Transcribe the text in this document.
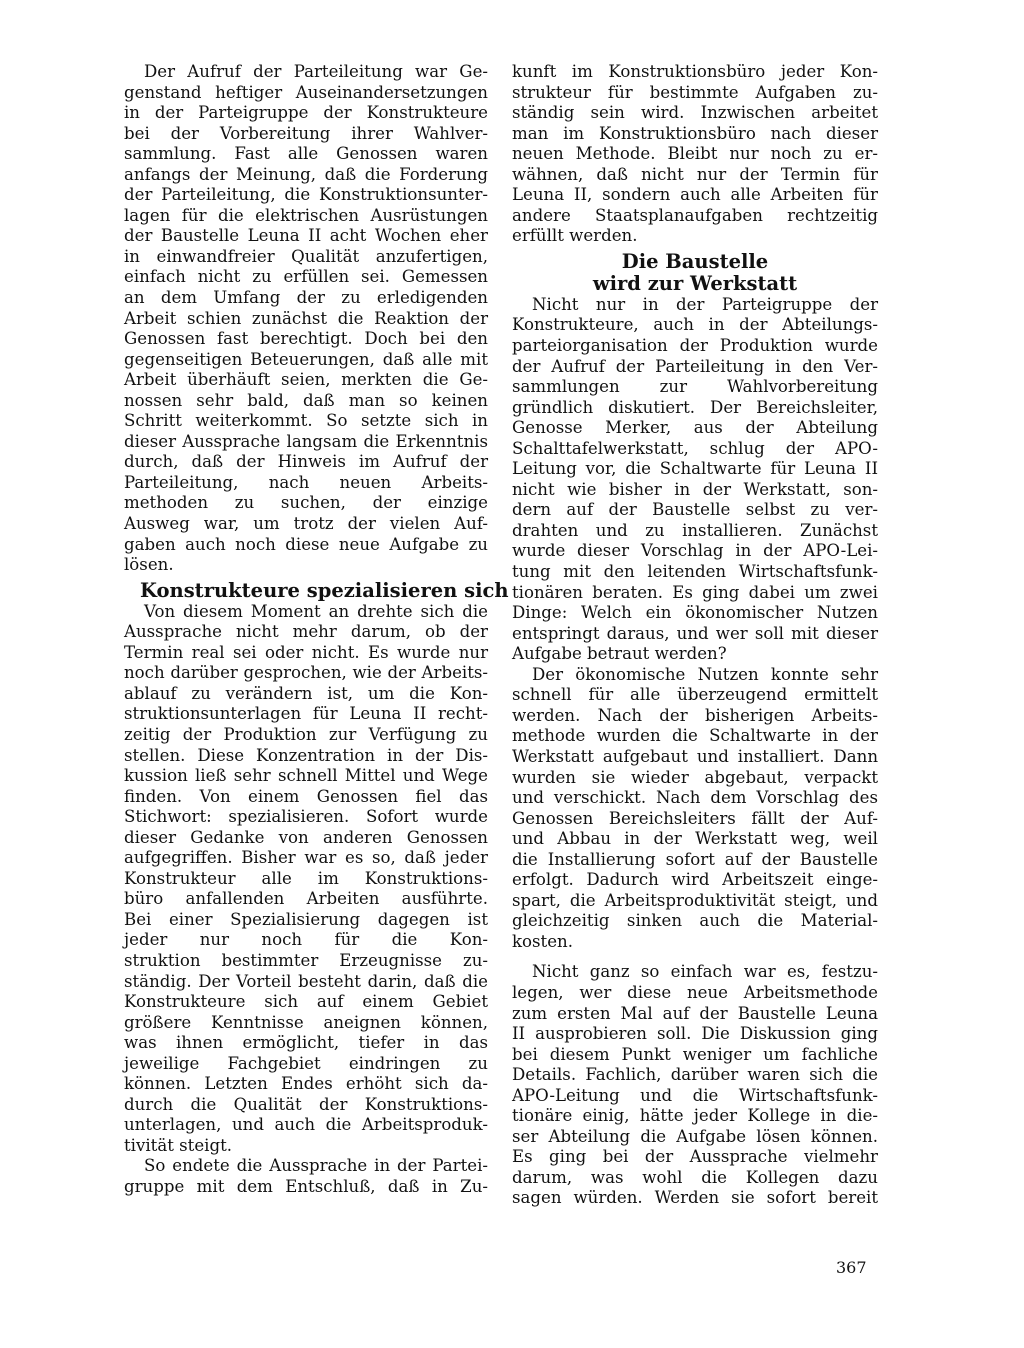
Der Aufruf der Parteileitung war Ge-
genstand heftiger Auseinandersetzungen
in der Parteigruppe der Konstrukteure
bei der Vorbereitung ihrer Wahlver-
sammlung. Fast alle Genossen waren
anfangs der Meinung, daß die Forderung
der Parteileitung, die Konstruktionsunter-
lagen für die elektrischen Ausrüstungen
der Baustelle Leuna II acht Wochen eher
in einwandfreier Qualität anzufertigen,
einfach nicht zu erfüllen sei. Gemessen
an dem Umfang der zu erledigenden
Arbeit schien zunächst die Reaktion der
Genossen fast berechtigt. Doch bei den
gegenseitigen Beteuerungen, daß alle mit
Arbeit überhäuft seien, merkten die Ge-
nossen sehr bald, daß man so keinen
Schritt weiterkommt. So setzte sich in
dieser Aussprache langsam die Erkenntnis
durch, daß der Hinweis im Aufruf der
Parteileitung, nach neuen Arbeits-
methoden zu suchen, der einzige
Ausweg war, um trotz der vielen Auf-
gaben auch noch diese neue Aufgabe zu
lösen.
Konstrukteure spezialisieren sich
Von diesem Moment an drehte sich die
Aussprache nicht mehr darum, ob der
Termin real sei oder nicht. Es wurde nur
noch darüber gesprochen, wie der Arbeits-
ablauf zu verändern ist, um die Kon-
struktionsunterlagen für Leuna II recht-
zeitig der Produktion zur Verfügung zu
stellen. Diese Konzentration in der Dis-
kussion ließ sehr schnell Mittel und Wege
finden. Von einem Genossen fiel das
Stichwort: spezialisieren. Sofort wurde
dieser Gedanke von anderen Genossen
aufgegriffen. Bisher war es so, daß jeder
Konstrukteur alle im Konstruktions-
büro anfallenden Arbeiten ausführte.
Bei einer Spezialisierung dagegen ist
jeder nur noch für die Kon-
struktion bestimmter Erzeugnisse zu-
ständig. Der Vorteil besteht darin, daß die
Konstrukteure sich auf einem Gebiet
größere Kenntnisse aneignen können,
was ihnen ermöglicht, tiefer in das
jeweilige Fachgebiet eindringen zu
können. Letzten Endes erhöht sich da-
durch die Qualität der Konstruktions-
unterlagen, und auch die Arbeitsproduk-
tivität steigt.
So endete die Aussprache in der Partei-
gruppe mit dem Entschluß, daß in Zu-
kunft im Konstruktionsbüro jeder Kon-
strukteur für bestimmte Aufgaben zu-
ständig sein wird. Inzwischen arbeitet
man im Konstruktionsbüro nach dieser
neuen Methode. Bleibt nur noch zu er-
wähnen, daß nicht nur der Termin für
Leuna II, sondern auch alle Arbeiten für
andere Staatsplanaufgaben rechtzeitig
erfüllt werden.
Die Baustelle
wird zur Werkstatt
Nicht nur in der Parteigruppe der
Konstrukteure, auch in der Abteilungs-
parteiorganisation der Produktion wurde
der Aufruf der Parteileitung in den Ver-
sammlungen zur Wahlvorbereitung
gründlich diskutiert. Der Bereichsleiter,
Genosse Merker, aus der Abteilung
Schalttafelwerkstatt, schlug der APO-
Leitung vor, die Schaltwarte für Leuna II
nicht wie bisher in der Werkstatt, son-
dern auf der Baustelle selbst zu ver-
drahten und zu installieren. Zunächst
wurde dieser Vorschlag in der APO-Lei-
tung mit den leitenden Wirtschaftsfunk-
tionären beraten. Es ging dabei um zwei
Dinge: Welch ein ökonomischer Nutzen
entspringt daraus, und wer soll mit dieser
Aufgabe betraut werden?
Der ökonomische Nutzen konnte sehr
schnell für alle überzeugend ermittelt
werden. Nach der bisherigen Arbeits-
methode wurden die Schaltwarte in der
Werkstatt aufgebaut und installiert. Dann
wurden sie wieder abgebaut, verpackt
und verschickt. Nach dem Vorschlag des
Genossen Bereichsleiters fällt der Auf-
und Abbau in der Werkstatt weg, weil
die Installierung sofort auf der Baustelle
erfolgt. Dadurch wird Arbeitszeit einge-
spart, die Arbeitsproduktivität steigt, und
gleichzeitig sinken auch die Material-
kosten.
Nicht ganz so einfach war es, festzu-
legen, wer diese neue Arbeitsmethode
zum ersten Mal auf der Baustelle Leuna
II ausprobieren soll. Die Diskussion ging
bei diesem Punkt weniger um fachliche
Details. Fachlich, darüber waren sich die
APO-Leitung und die Wirtschaftsfunk-
tionäre einig, hätte jeder Kollege in die-
ser Abteilung die Aufgabe lösen können.
Es ging bei der Aussprache vielmehr
darum, was wohl die Kollegen dazu
sagen würden. Werden sie sofort bereit
367
